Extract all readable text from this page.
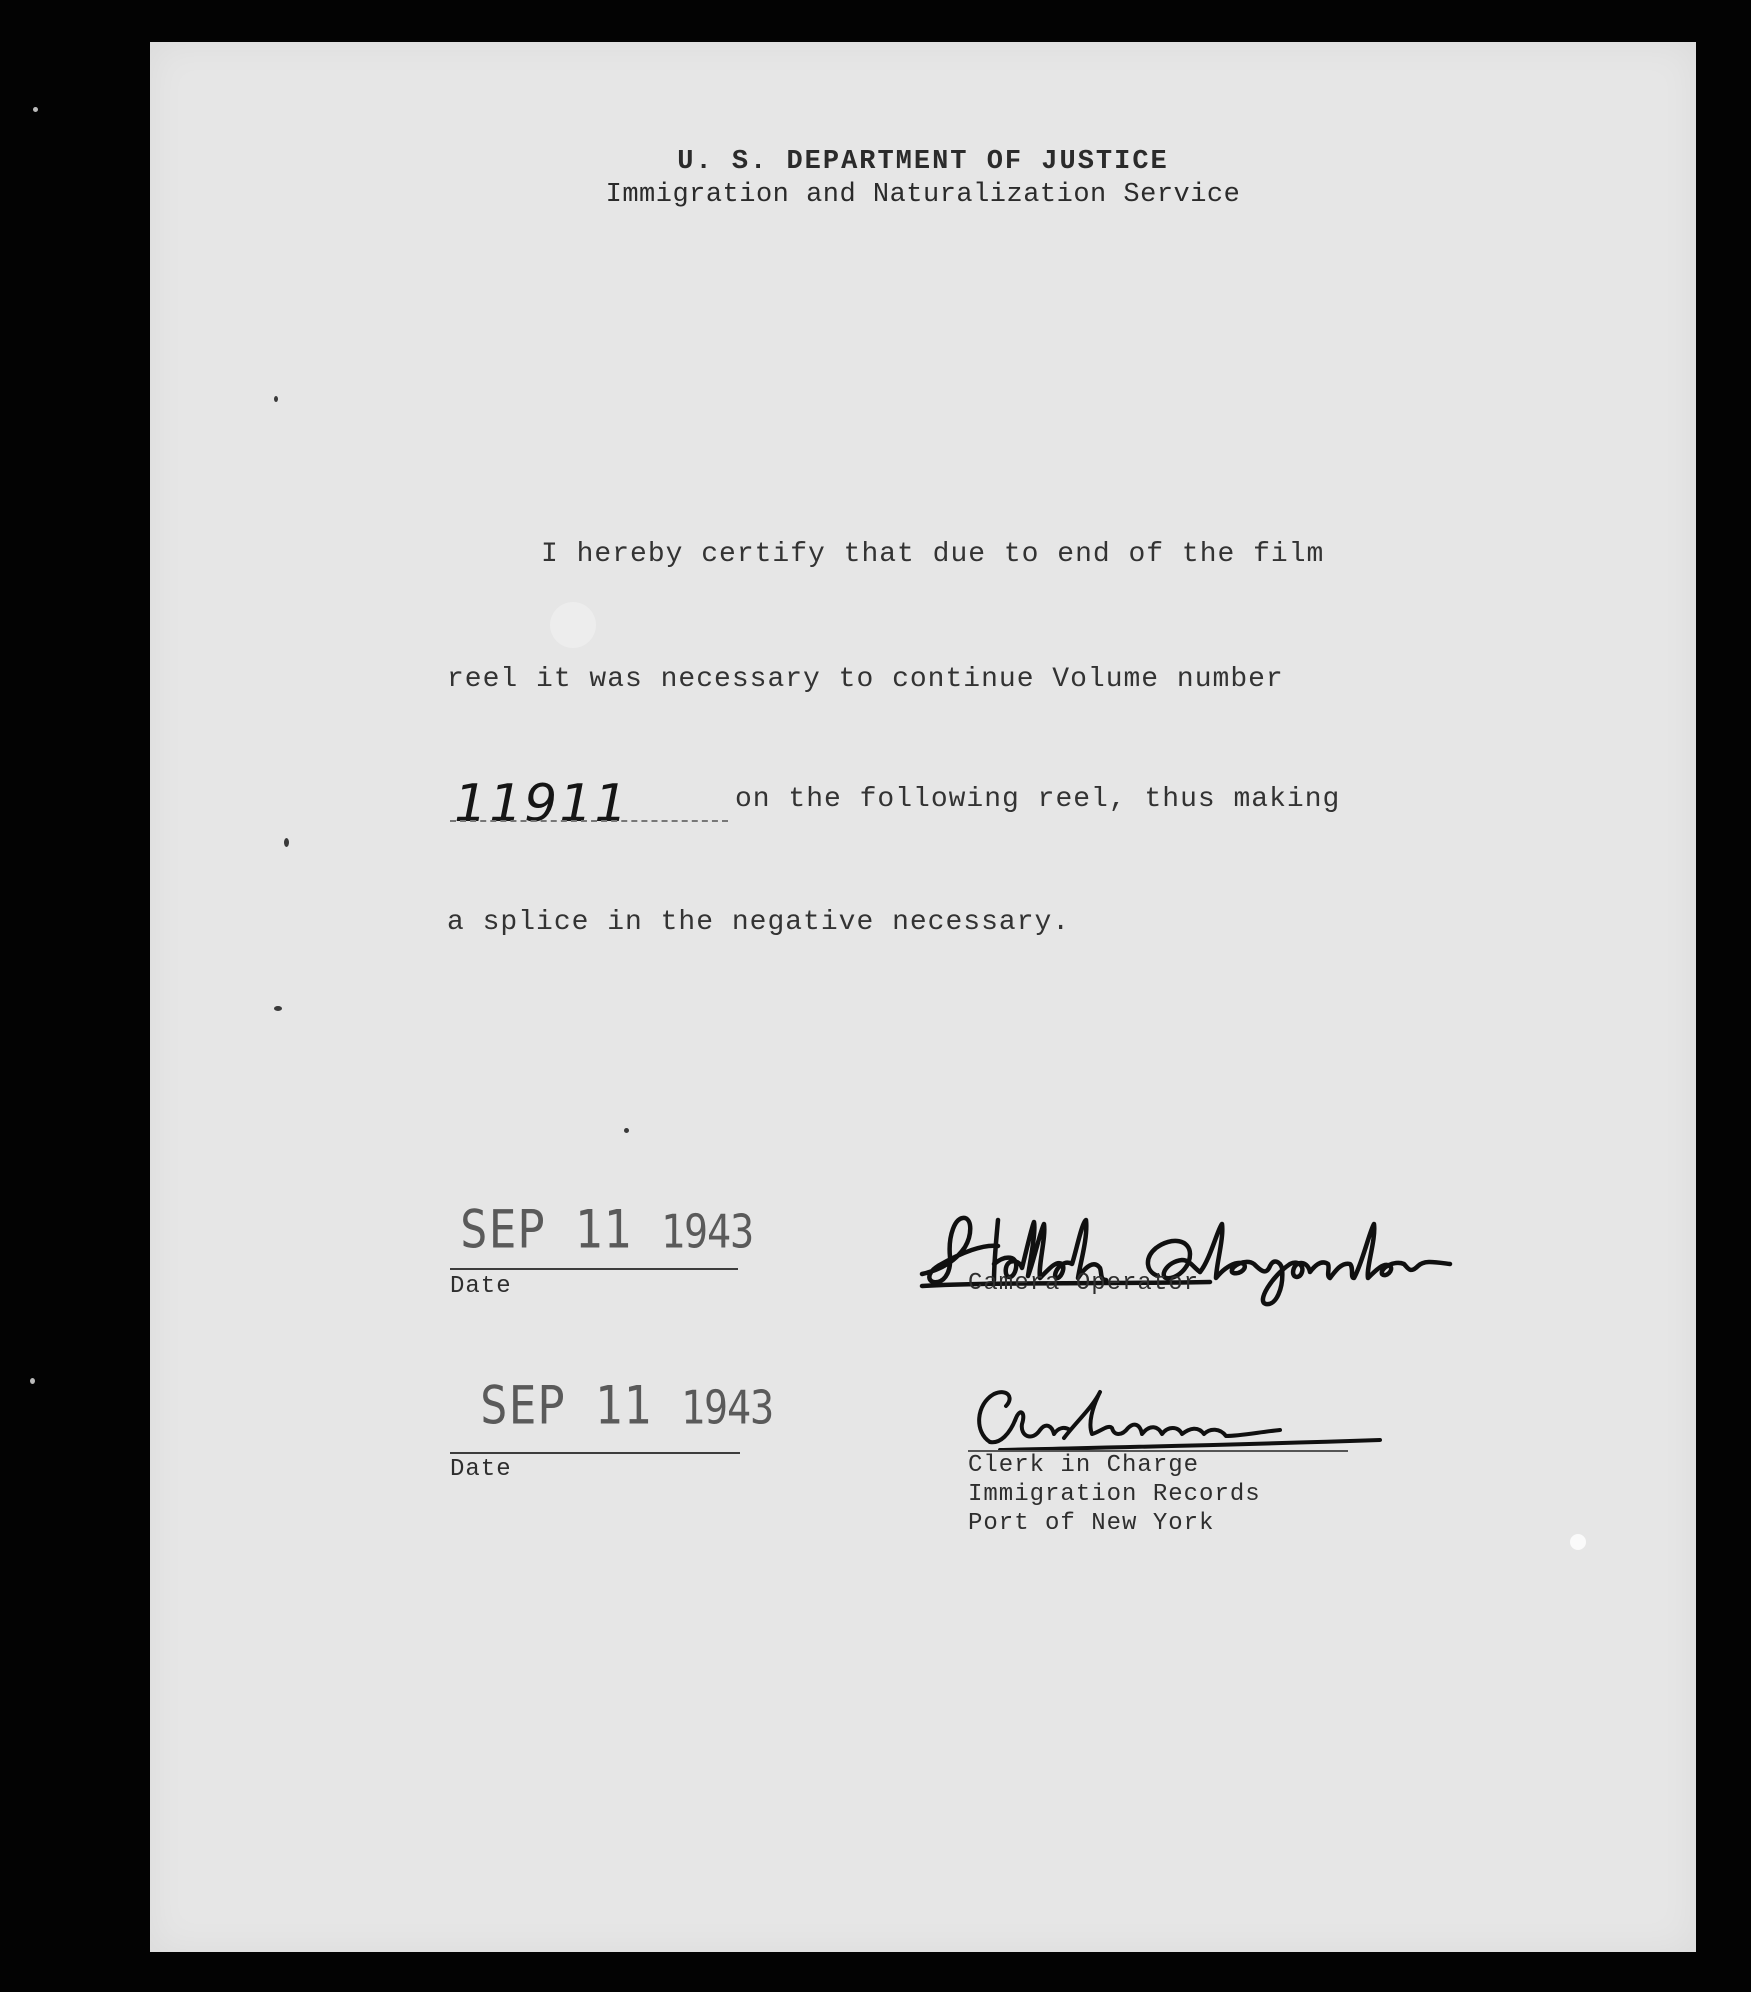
U. S. DEPARTMENT OF JUSTICE
Immigration and Naturalization Service
I hereby certify that due to end of the film
reel it was necessary to continue Volume number
11911	on the following reel, thus making
a splice in the negative necessary.
SEP 11 1943
Date	Camera Operator
SEP 11 1943
Date	Clerk in Charge
Immigration Records
Port of New York
